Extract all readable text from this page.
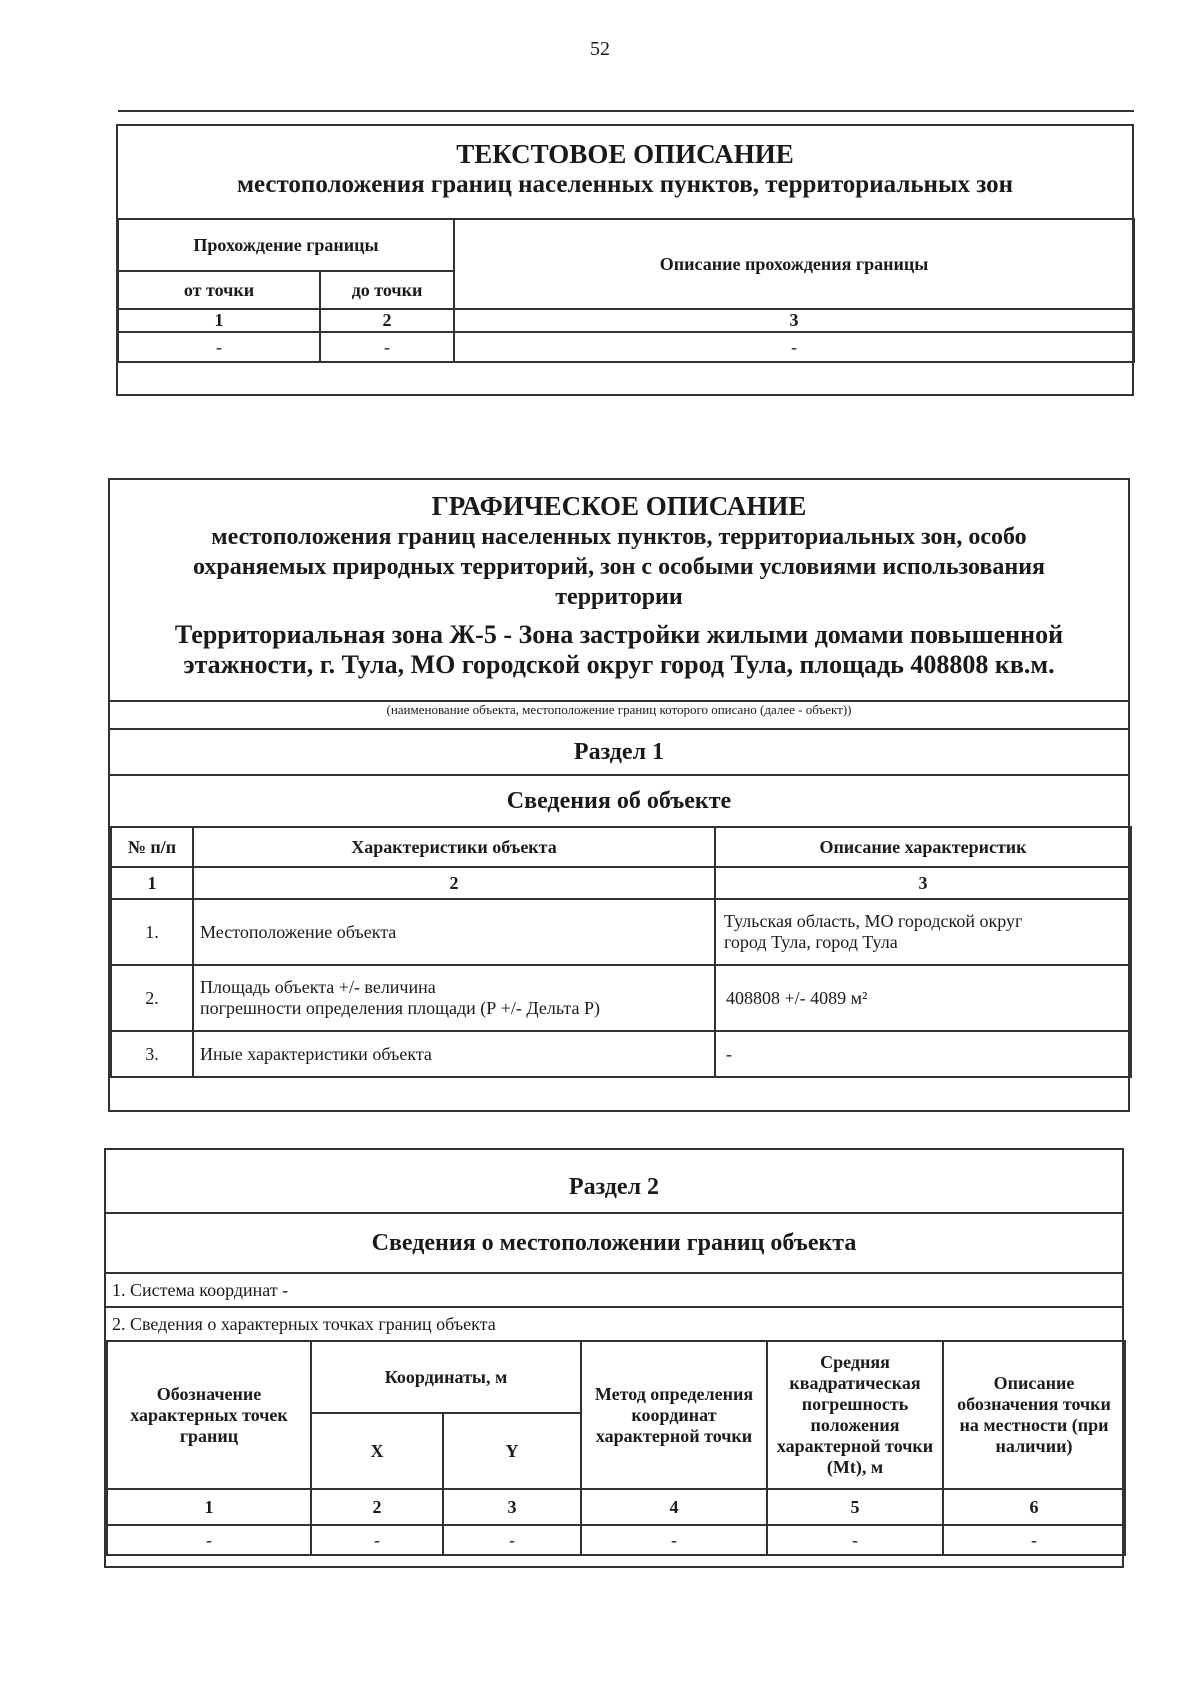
52
ТЕКСТОВОЕ ОПИСАНИЕ
местоположения границ населенных пунктов, территориальных зон
Прохождение границы		Описание прохождения границы
от точки	до точки	
1	2	3
-	-	-
ГРАФИЧЕСКОЕ ОПИСАНИЕ
местоположения границ населенных пунктов, территориальных зон, особо
охраняемых природных территорий, зон с особыми условиями использования
территории
Территориальная зона Ж-5 - Зона застройки жилыми домами повышенной
этажности, г. Тула, МО городской округ город Тула, площадь 408808 кв.м.
(наименование объекта, местоположение границ которого описано (далее - объект))
Раздел 1
Сведения об объекте
№ п/п	Характеристики объекта	Описание характеристик
1	2	3
1.	Местоположение объекта	Тульская область, МО городской округ
город Тула, город Тула

2.	Площадь объекта +/- величина
погрешности определения площади (Р +/- Дельта Р)	408808 +/- 4089 м²
3.	Иные характеристики объекта	-
Раздел 2
Сведения о местоположении границ объекта
1. Система координат -
2. Сведения о характерных точках границ объекта
Обозначение характерных точек границ	Координаты, м		Метод определения координат характерной точки	Средняя квадратическая погрешность положения характерной точки (Mt), м	Описание обозначения точки на местности (при наличии)
	X	Y			
1	2	3	4	5	6
-	-	-	-	-	-
